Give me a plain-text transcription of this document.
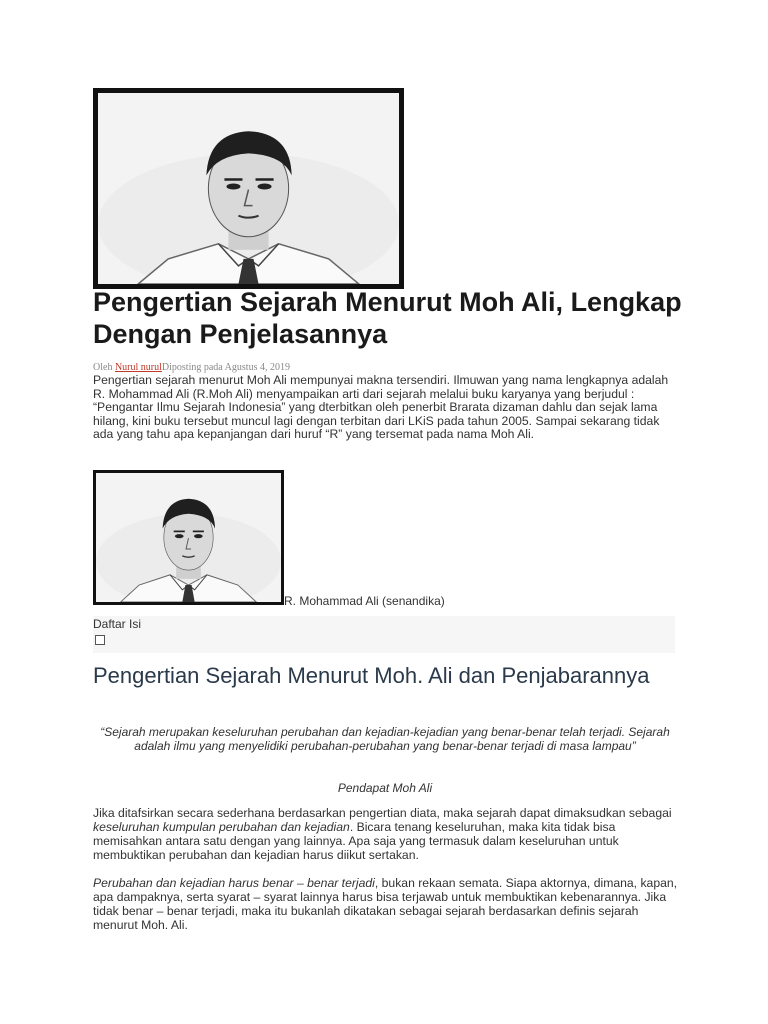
Pengertian Sejarah Menurut Moh Ali, Lengkap Dengan Penjelasannya
Oleh Nurul nurulDiposting pada Agustus 4, 2019

Pengertian sejarah menurut Moh Ali mempunyai makna tersendiri. Ilmuwan yang nama lengkapnya adalah R. Mohammad Ali (R.Moh Ali) menyampaikan arti dari sejarah melalui buku karyanya yang berjudul : “Pengantar Ilmu Sejarah Indonesia” yang dterbitkan oleh penerbit Brarata dizaman dahlu dan sejak lama hilang, kini buku tersebut muncul lagi dengan terbitan dari LKiS pada tahun 2005. Sampai sekarang tidak ada yang tahu apa kepanjangan dari huruf “R” yang tersemat pada nama Moh Ali.

R. Mohammad Ali (senandika)
Daftar Isi
Pengertian Sejarah Menurut Moh. Ali dan Penjabarannya

“Sejarah merupakan keseluruhan perubahan dan kejadian-kejadian yang benar-benar telah terjadi. Sejarah adalah ilmu yang menyelidiki perubahan-perubahan yang benar-benar terjadi di masa lampau”

Pendapat Moh Ali

Jika ditafsirkan secara sederhana berdasarkan pengertian diata, maka sejarah dapat dimaksudkan sebagai keseluruhan kumpulan perubahan dan kejadian. Bicara tenang keseluruhan, maka kita tidak bisa memisahkan antara satu dengan yang lainnya. Apa saja yang termasuk dalam keseluruhan untuk membuktikan perubahan dan kejadian harus diikut sertakan.

Perubahan dan kejadian harus benar – benar terjadi, bukan rekaan semata. Siapa aktornya, dimana, kapan, apa dampaknya, serta syarat – syarat lainnya harus bisa terjawab untuk membuktikan kebenarannya. Jika tidak benar – benar terjadi, maka itu bukanlah dikatakan sebagai sejarah berdasarkan definis sejarah menurut Moh. Ali.
